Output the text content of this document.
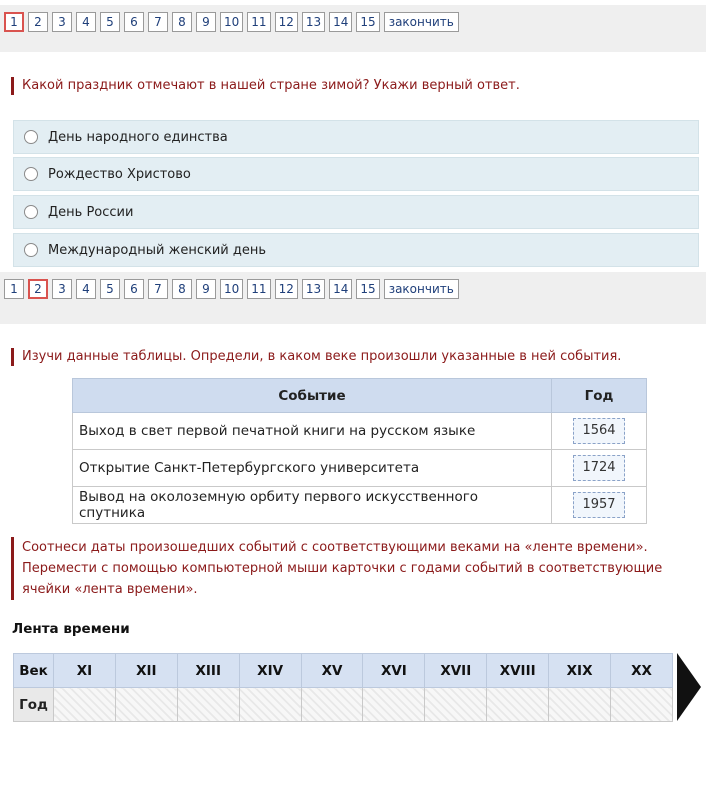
1	2	3	4	5	6	7	8	9	10	11	12	13	14	15	закончить
Какой праздник отмечают в нашей стране зимой? Укажи верный ответ.
День народного единства
Рождество Христово
День России
Международный женский день
1	2	3	4	5	6	7	8	9	10	11	12	13	14	15	закончить
Изучи данные таблицы. Определи, в каком веке произошли указанные в ней события.
Событие	Год
Выход в свет первой печатной книги на русском языке	1564
Открытие Санкт-Петербургского университета	1724
Вывод на околоземную орбиту первого искусственного спутника	1957
Соотнеси даты произошедших событий с соответствующими веками на «ленте времени».
Перемести с помощью компьютерной мыши карточки с годами событий в соответствующие ячейки «лента времени».
Лента времени
Век	XI	XII	XIII	XIV	XV	XVI	XVII	XVIII	XIX	XX
Год										
